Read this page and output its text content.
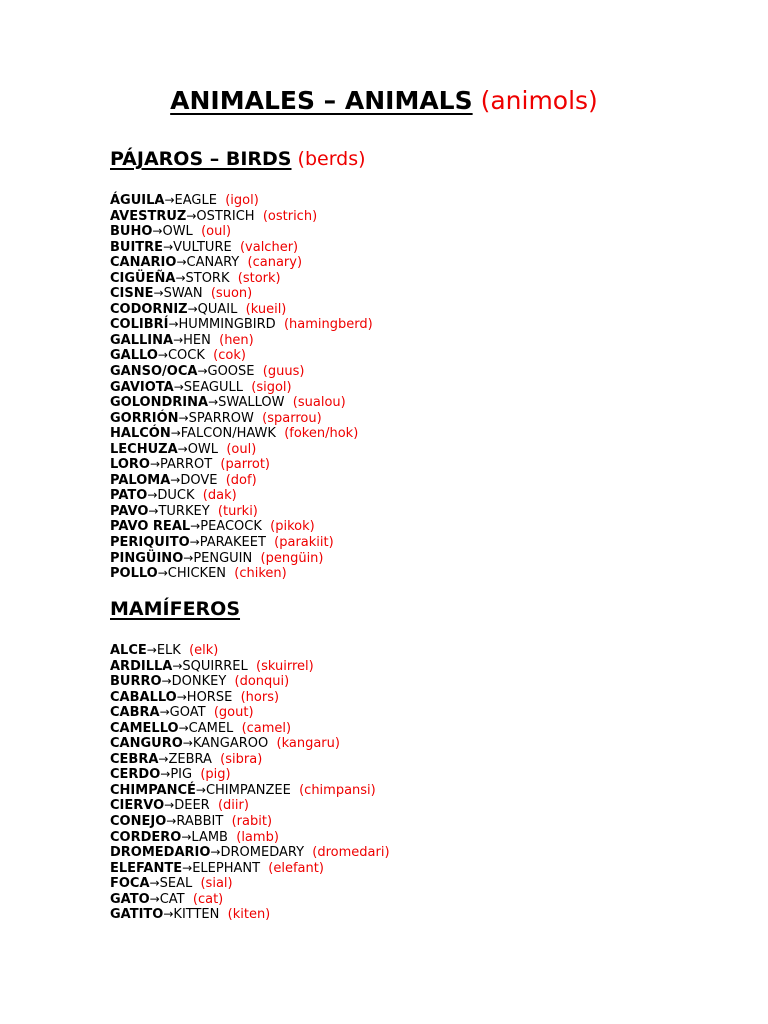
ANIMALES – ANIMALS (animols)
PÁJAROS – BIRDS (berds)
ÁGUILA→EAGLE (igol)
AVESTRUZ→OSTRICH (ostrich)
BUHO→OWL (oul)
BUITRE→VULTURE (valcher)
CANARIO→CANARY (canary)
CIGÜEÑA→STORK (stork)
CISNE→SWAN (suon)
CODORNIZ→QUAIL (kueil)
COLIBRÍ→HUMMINGBIRD (hamingberd)
GALLINA→HEN (hen)
GALLO→COCK (cok)
GANSO/OCA→GOOSE (guus)
GAVIOTA→SEAGULL (sigol)
GOLONDRINA→SWALLOW (sualou)
GORRIÓN→SPARROW (sparrou)
HALCÓN→FALCON/HAWK (foken/hok)
LECHUZA→OWL (oul)
LORO→PARROT (parrot)
PALOMA→DOVE (dof)
PATO→DUCK (dak)
PAVO→TURKEY (turki)
PAVO REAL→PEACOCK (pikok)
PERIQUITO→PARAKEET (parakiit)
PINGÜINO→PENGUIN (pengüin)
POLLO→CHICKEN (chiken)
MAMÍFEROS
ALCE→ELK (elk)
ARDILLA→SQUIRREL (skuirrel)
BURRO→DONKEY (donqui)
CABALLO→HORSE (hors)
CABRA→GOAT (gout)
CAMELLO→CAMEL (camel)
CANGURO→KANGAROO (kangaru)
CEBRA→ZEBRA (sibra)
CERDO→PIG (pig)
CHIMPANCÉ→CHIMPANZEE (chimpansi)
CIERVO→DEER (diir)
CONEJO→RABBIT (rabit)
CORDERO→LAMB (lamb)
DROMEDARIO→DROMEDARY (dromedari)
ELEFANTE→ELEPHANT (elefant)
FOCA→SEAL (sial)
GATO→CAT (cat)
GATITO→KITTEN (kiten)
